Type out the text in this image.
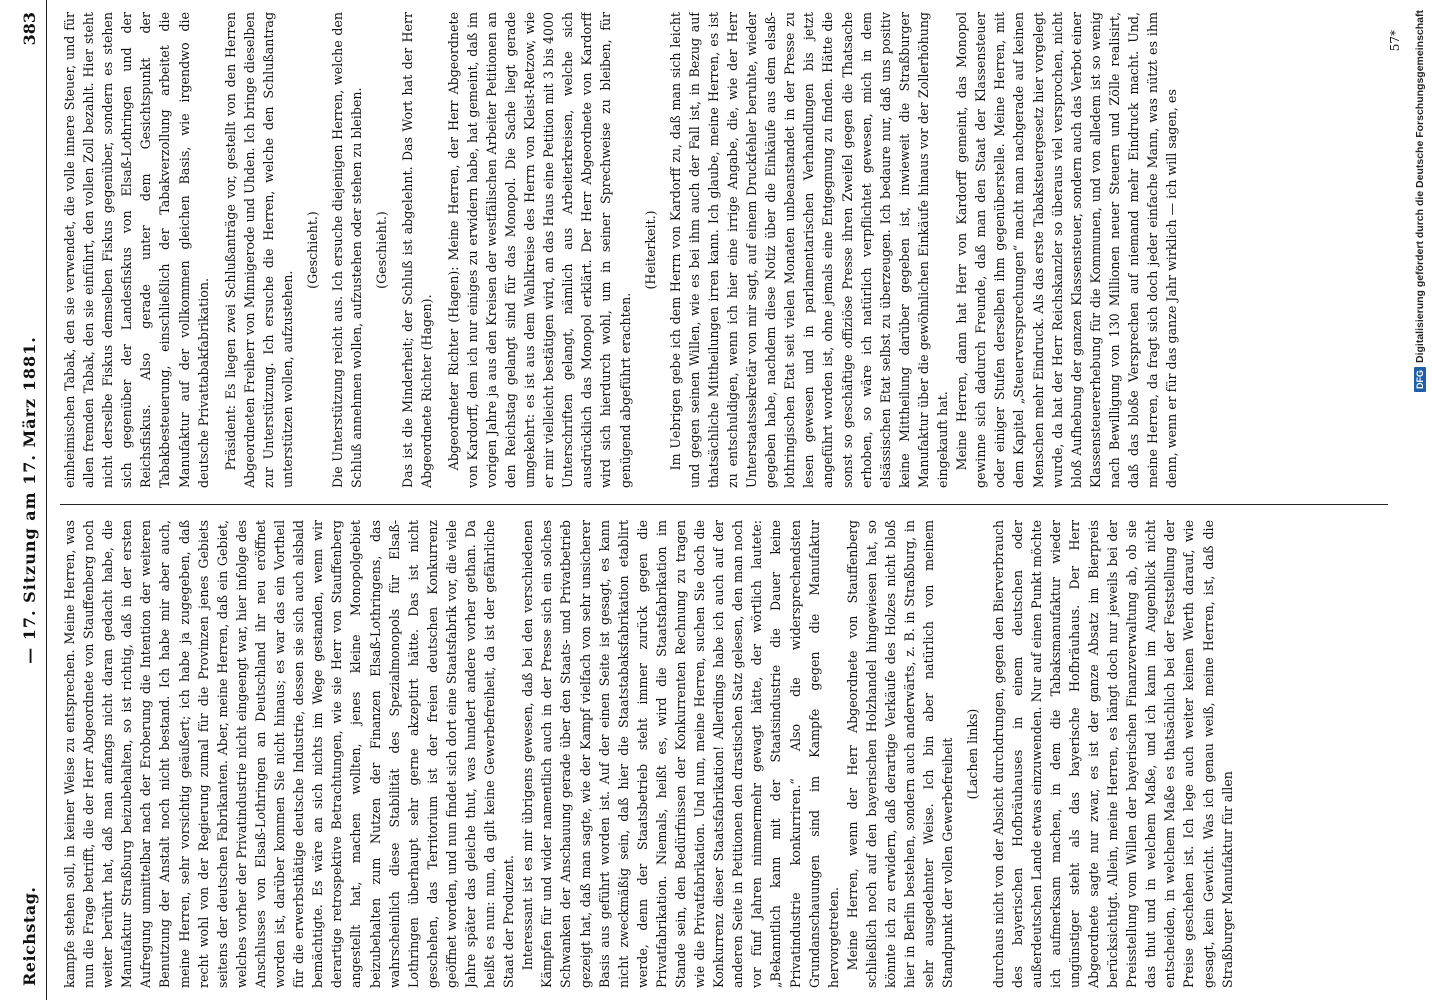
Reichstag.
— 17. Sitzung am 17. März 1881.
383

kampfe stehen soll, in keiner Weise zu entsprechen. Meine Herren, was nun die Frage betrifft, die der Herr Abgeordnete von Stauffenberg noch weiter berührt hat, daß man anfangs nicht daran gedacht habe, die Manufaktur Straßburg beizubehalten, so ist richtig, daß in der ersten Aufregung unmittelbar nach der Eroberung die Intention der weiteren Benutzung der Anstalt noch nicht bestand. Ich habe mir aber auch, meine Herren, sehr vorsichtig geäußert; ich habe ja zugegeben, daß recht wohl von der Regierung zumal für die Provinzen jenes Gebiets seitens der deutschen Fabrikanten. Aber, meine Herren, daß ein Gebiet, welches vorher der Privatindustrie nicht eingeengt war, hier infolge des Anschlusses von Elsaß-Lothringen an Deutschland ihr neu eröffnet worden ist, darüber kommen Sie nicht hinaus; es war das ein Vortheil für die erwerbsthätige deutsche Industrie, dessen sie sich auch alsbald bemächtigte. Es wäre an sich nichts im Wege gestanden, wenn wir derartige retrospektive Betrachtungen, wie sie Herr von Stauffenberg angestellt hat, machen wollten, jenes kleine Monopolgebiet beizubehalten zum Nutzen der Finanzen Elsaß-Lothringens, das wahrscheinlich diese Stabilität des Spezialmonopols für Elsaß-Lothringen überhaupt sehr gerne akzeptirt hätte. Das ist nicht geschehen, das Territorium ist der freien deutschen Konkurrenz geöffnet worden, und nun findet sich dort eine Staatsfabrik vor, die viele Jahre später das gleiche thut, was hundert andere vorher gethan. Da heißt es nun: nun, da gilt keine Gewerbefreiheit, da ist der gefährliche Staat der Produzent. Interessant ist es mir übrigens gewesen, daß bei den verschiedenen Kämpfen für und wider namentlich auch in der Presse sich ein solches Schwanken der Anschauung gerade über den Staats- und Privatbetrieb gezeigt hat, daß man sagte, wie der Kampf vielfach von sehr unsicherer Basis aus geführt worden ist. Auf der einen Seite ist gesagt, es kann nicht zweckmäßig sein, daß hier die Staatstabaksfabrikation etablirt werde, denn der Staatsbetrieb steht immer zurück gegen die Privatfabrikation. Niemals, heißt es, wird die Staatsfabrikation im Stande sein, den Bedürfnissen der Konkurrenten Rechnung zu tragen wie die Privatfabrikation. Und nun, meine Herren, suchen Sie doch die Konkurrenz dieser Staatsfabrikation! Allerdings habe ich auch auf der anderen Seite in Petitionen den drastischen Satz gelesen, den man noch vor fünf Jahren nimmermehr gewagt hätte, der wörtlich lautete: „Bekanntlich kann mit der Staatsindustrie die Dauer keine Privatindustrie konkurriren.“ Also die widersprechendsten Grundanschauungen sind im Kampfe gegen die Manufaktur hervorgetreten. Meine Herren, wenn der Herr Abgeordnete von Stauffenberg schließlich noch auf den bayerischen Holzhandel hingewiesen hat, so könnte ich zu erwidern, daß derartige Verkäufe des Holzes nicht bloß hier in Berlin bestehen, sondern auch anderwärts, z. B. in Straßburg, in sehr ausgedehnter Weise. Ich bin aber natürlich von meinem Standpunkt der vollen Gewerbefreiheit (Lachen links) durchaus nicht von der Absicht durchdrungen, gegen den Bierverbrauch des bayerischen Hofbräuhauses in einem deutschen oder außerdeutschen Lande etwas einzuwenden. Nur auf einen Punkt möchte ich aufmerksam machen, in dem die Tabaksmanufaktur wieder ungünstiger steht als das bayerische Hofbräuhaus. Der Herr Abgeordnete sagte nur zwar, es ist der ganze Absatz im Bierpreis berücksichtigt. Allein, meine Herren, es hängt doch nur jeweils bei der Preisstellung vom Willen der bayerischen Finanzverwaltung ab, ob sie das thut und in welchem Maße, und ich kann im Augenblick nicht entscheiden, in welchem Maße es thatsächlich bei der Feststellung der Preise geschehen ist. Ich lege auch weiter keinen Werth darauf, wie gesagt, kein Gewicht. Was ich genau weiß, meine Herren, ist, daß die Straßburger Manufaktur für allen

einheimischen Tabak, den sie verwendet, die volle innere Steuer, und für allen fremden Tabak, den sie einführt, den vollen Zoll bezahlt. Hier steht nicht derselbe Fiskus demselben Fiskus gegenüber, sondern es stehen sich gegenüber der Landesfiskus von Elsaß-Lothringen und der Reichsfiskus. Also gerade unter dem Gesichtspunkt der Tabakbesteuerung, einschließlich der Tabakverzollung arbeitet die Manufaktur auf der vollkommen gleichen Basis, wie irgendwo die deutsche Privattabakfabrikation. Präsident: Es liegen zwei Schlußanträge vor, gestellt von den Herren Abgeordneten Freiherr von Minnigerode und Uhden. Ich bringe dieselben zur Unterstützung. Ich ersuche die Herren, welche den Schlußantrag unterstützen wollen, aufzustehen.

(Geschieht.) Die Unterstützung reicht aus. Ich ersuche diejenigen Herren, welche den Schluß annehmen wollen, aufzustehen oder stehen zu bleiben. (Geschieht.) Das ist die Minderheit; der Schluß ist abgelehnt. Das Wort hat der Herr Abgeordnete Richter (Hagen). Abgeordneter Richter (Hagen): Meine Herren, der Herr Abgeordnete von Kardorff, dem ich nur einiges zu erwidern habe, hat gemeint, daß im vorigen Jahre ja aus den Kreisen der westfälischen Arbeiter Petitionen an den Reichstag gelangt sind für das Monopol. Die Sache liegt gerade umgekehrt: es ist aus dem Wahlkreise des Herrn von Kleist-Retzow, wie er mir vielleicht bestätigen wird, an das Haus eine Petition mit 3 bis 4000 Unterschriften gelangt, nämlich aus Arbeiterkreisen, welche sich ausdrücklich das Monopol erklärt. Der Herr Abgeordnete von Kardorff wird sich hierdurch wohl, um in seiner Sprechweise zu bleiben, für genügend abgeführt erachten.

(Heiterkeit.) Im Uebrigen gebe ich dem Herrn von Kardorff zu, daß man sich leicht und gegen seinen Willen, wie es bei ihm auch der Fall ist, in Bezug auf thatsächliche Mittheilungen irren kann. Ich glaube, meine Herren, es ist zu entschuldigen, wenn ich hier eine irrige Angabe, die, wie der Herr Unterstaatssekretär von mir sagt, auf einem Druckfehler beruhte, wieder gegeben habe, nachdem diese Notiz über die Einkäufe aus dem elsaß-lothringischen Etat seit vielen Monaten unbeanstandet in der Presse zu lesen gewesen und in parlamentarischen Verhandlungen bis jetzt angeführt worden ist, ohne jemals eine Entgegnung zu finden. Hätte die sonst so geschäftige offiziöse Presse ihren Zweifel gegen die Thatsache erhoben, so wäre ich natürlich verpflichtet gewesen, mich in dem elsässischen Etat selbst zu überzeugen. Ich bedaure nur, daß uns positiv keine Mittheilung darüber gegeben ist, inwieweit die Straßburger Manufaktur über die gewöhnlichen Einkäufe hinaus vor der Zollerhöhung eingekauft hat. Meine Herren, dann hat Herr von Kardorff gemeint, das Monopol gewinne sich dadurch Freunde, daß man den Staat der Klassensteuer oder einiger Stufen derselben ihm gegenüberstelle. Meine Herren, mit dem Kapitel „Steuerversprechungen“ macht man nachgerade auf keinen Menschen mehr Eindruck. Als das erste Tabaksteuergesetz hier vorgelegt wurde, da hat der Herr Reichskanzler so überaus viel versprochen, nicht bloß Aufhebung der ganzen Klassensteuer, sondern auch das Verbot einer Klassensteuererhebung für die Kommunen, und von alledem ist so wenig nach Bewilligung von 130 Millionen neuer Steuern und Zölle realisirt, daß das bloße Versprechen auf niemand mehr Eindruck macht. Und, meine Herren, da fragt sich doch jeder einfache Mann, was nützt es ihm denn, wenn er für das ganze Jahr wirklich — ich will sagen, es

57*
DFG
Digitalisierung gefördert durch die Deutsche Forschungsgemeinschaft
